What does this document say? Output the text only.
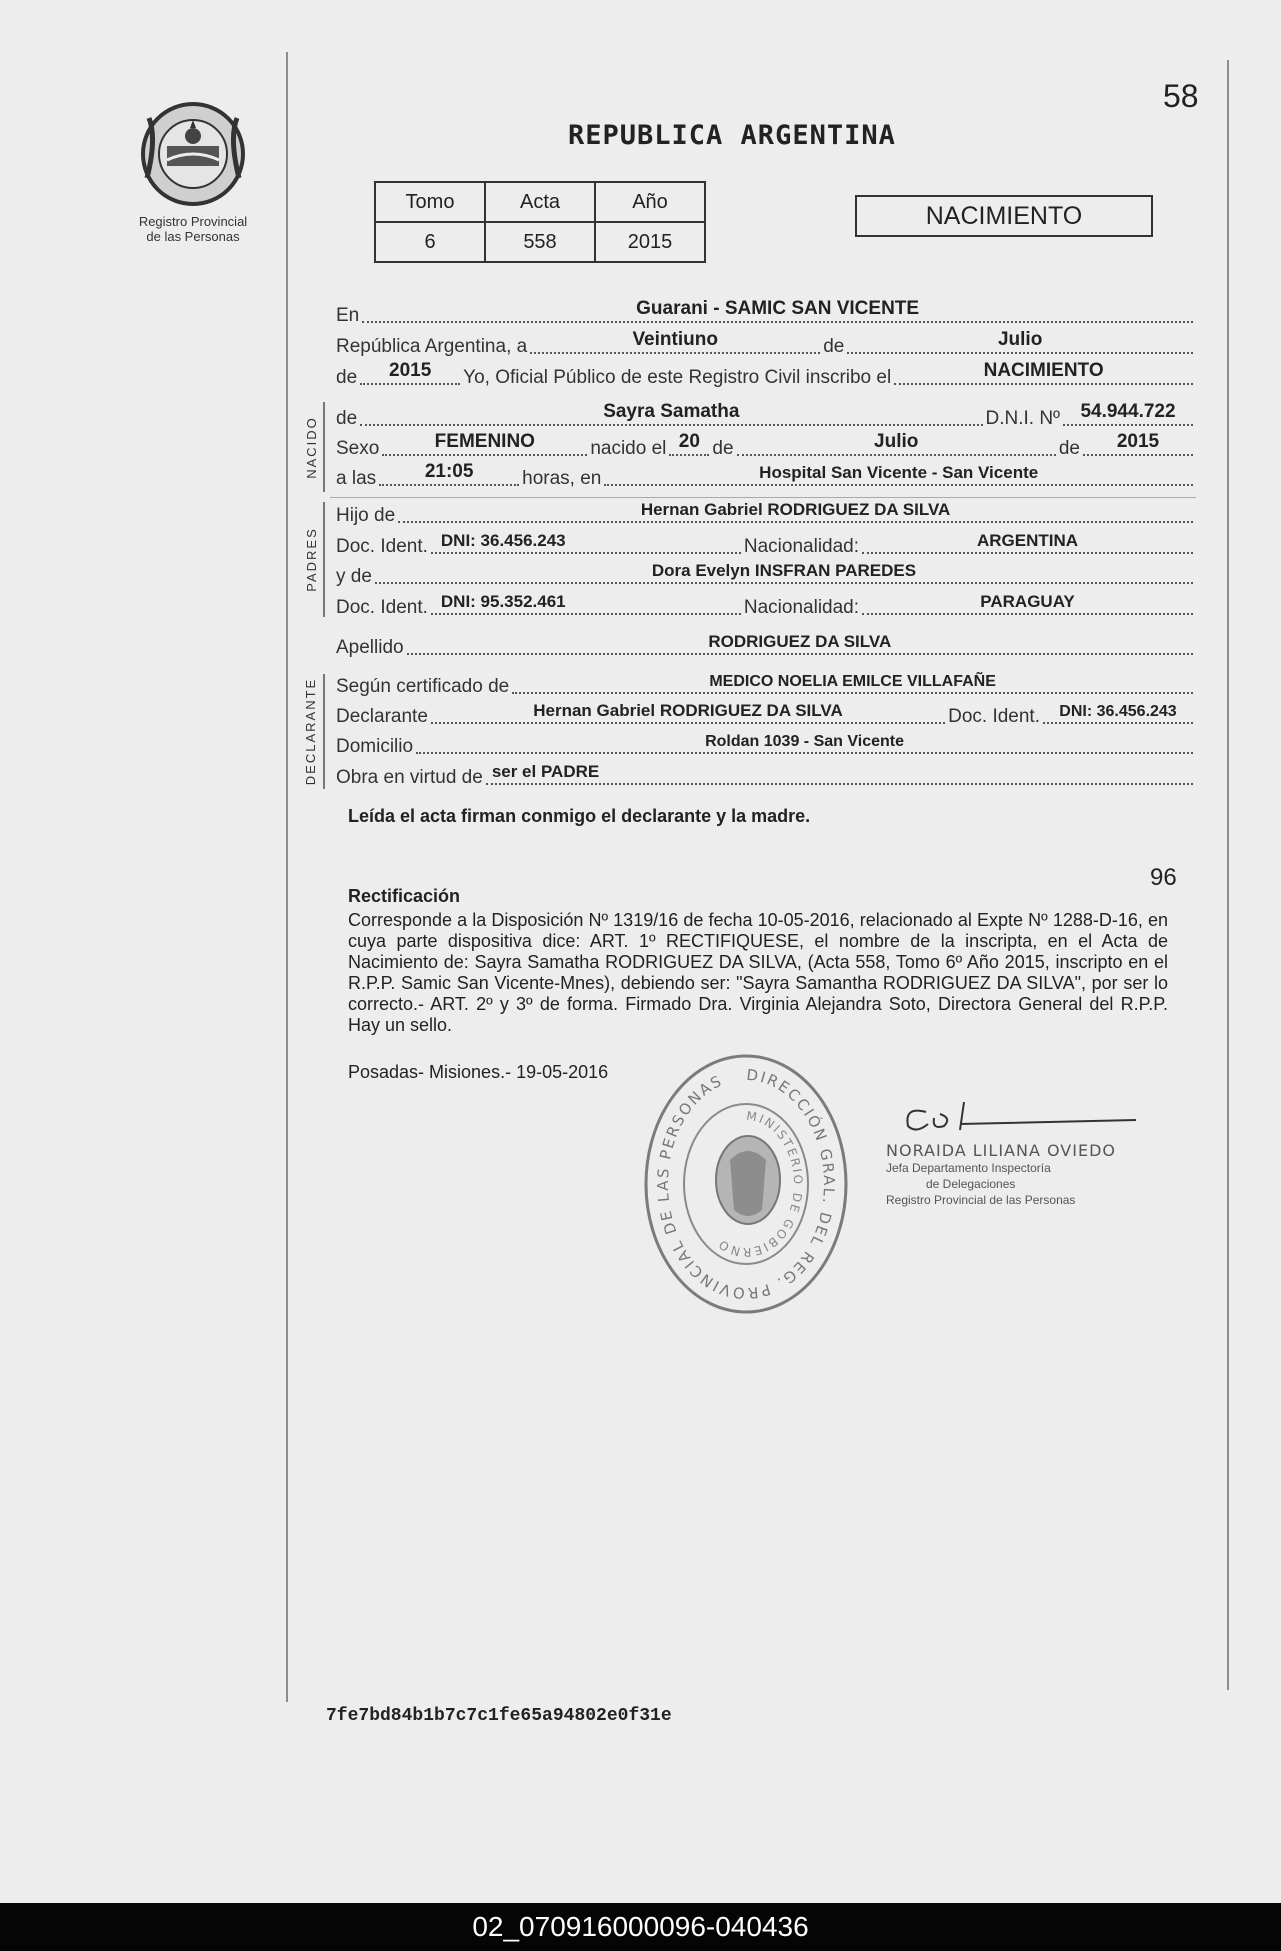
Registro Provincial
de las Personas
58
REPUBLICA ARGENTINA
Tomo	Acta	Año
6	558	2015
NACIMIENTO
En	Guarani - SAMIC SAN VICENTE
República Argentina, a	Veintiuno	de	Julio
de	2015	Yo, Oficial Público de este Registro Civil inscribo el	NACIMIENTO
NACIDO de	Sayra Samatha	D.N.I. Nº	54.944.722
Sexo	FEMENINO	nacido el 20 de	Julio	de	2015
a las	21:05	horas, en	Hospital San Vicente - San Vicente
PADRES
Hijo de	Hernan Gabriel RODRIGUEZ DA SILVA
Doc. Ident. DNI: 36.456.243	Nacionalidad:	ARGENTINA
y de	Dora Evelyn INSFRAN PAREDES
Doc. Ident. DNI: 95.352.461	Nacionalidad:	PARAGUAY
Apellido	RODRIGUEZ DA SILVA
DECLARANTE Según certificado de	MEDICO NOELIA EMILCE VILLAFAÑE
Declarante	Hernan Gabriel RODRIGUEZ DA SILVA	Doc. Ident.	DNI: 36.456.243
Domicilio	Roldan 1039 - San Vicente
Obra en virtud de ser el PADRE
Leída el acta firman conmigo el declarante y la madre.
96
Rectificación
Corresponde a la Disposición Nº 1319/16 de fecha 10-05-2016, relacionado al Expte Nº 1288-D-16, en cuya parte dispositiva dice: ART. 1º RECTIFIQUESE, el nombre de la inscripta, en el Acta de Nacimiento de: Sayra Samatha RODRIGUEZ DA SILVA, (Acta 558, Tomo 6º Año 2015, inscripto en el R.P.P. Samic San Vicente-Mnes), debiendo ser: "Sayra Samantha RODRIGUEZ DA SILVA", por ser lo correcto.- ART. 2º y 3º de forma. Firmado Dra. Virginia Alejandra Soto, Directora General del R.P.P. Hay un sello.
Posadas- Misiones.- 19-05-2016	DIRECCIÓN GRAL. DEL REG. PROVINCIAL DE LAS PERSONAS
MINISTERIO DE GOBIERNO
NORAIDA LILIANA OVIEDO
Jefa Departamento Inspectoría
de Delegaciones
Registro Provincial de las Personas
7fe7bd84b1b7c7c1fe65a94802e0f31e
02_070916000096-040436
